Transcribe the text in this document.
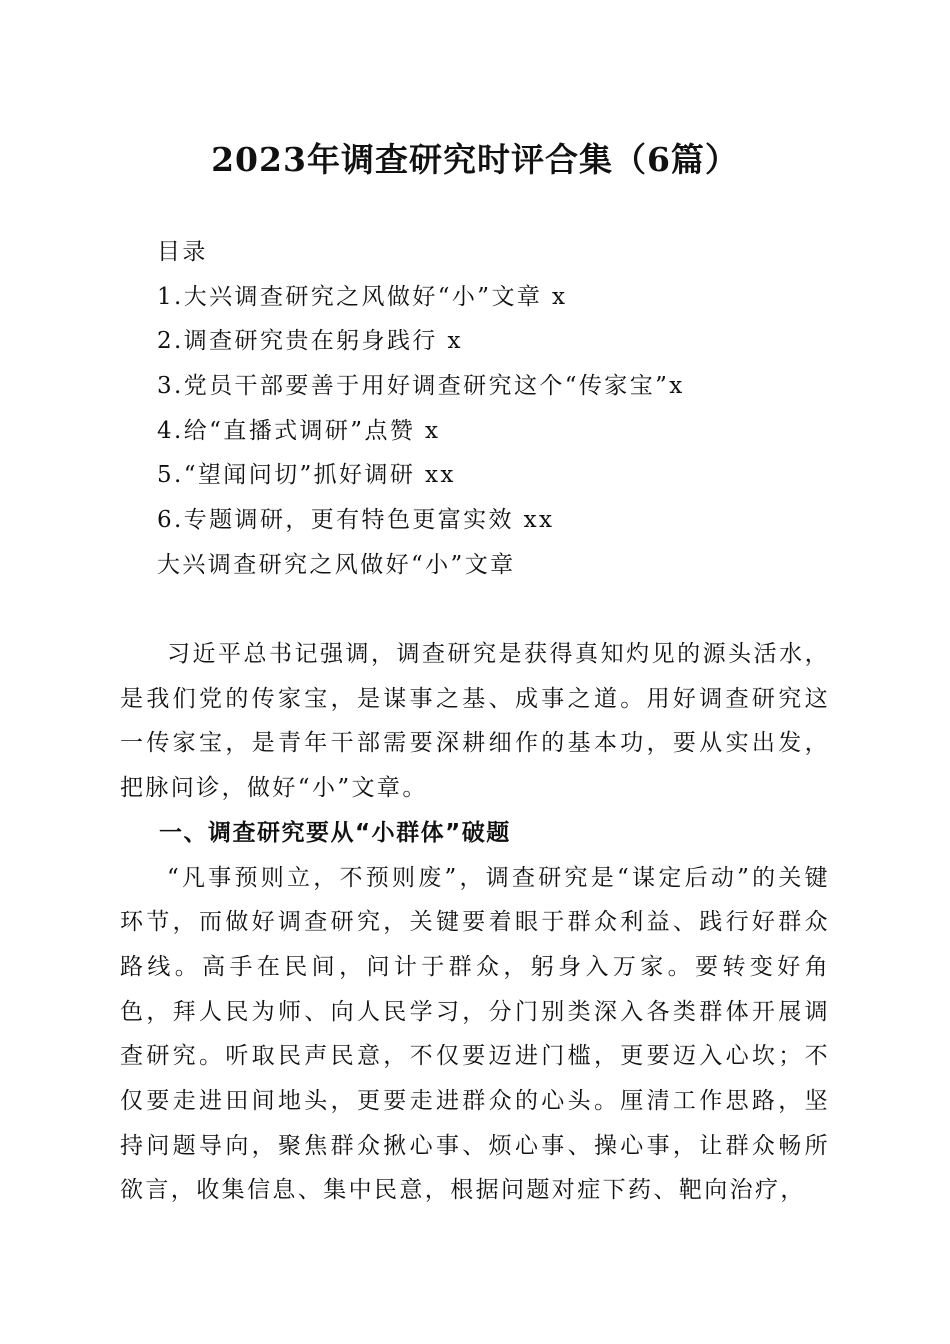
2023年调查研究时评合集（6篇）
目录
1.大兴调查研究之风做好“小”文章 x
2.调查研究贵在躬身践行 x
3.党员干部要善于用好调查研究这个“传家宝”x
4.给“直播式调研”点赞 x
5.“望闻问切”抓好调研 xx
6.专题调研，更有特色更富实效 xx
大兴调查研究之风做好“小”文章

习近平总书记强调，调查研究是获得真知灼见的源头活水，是我们党的传家宝，是谋事之基、成事之道。用好调查研究这一传家宝，是青年干部需要深耕细作的基本功，要从实出发，把脉问诊，做好“小”文章。

一、调查研究要从“小群体”破题

“凡事预则立，不预则废”，调查研究是“谋定后动”的关键环节，而做好调查研究，关键要着眼于群众利益、践行好群众路线。高手在民间，问计于群众，躬身入万家。要转变好角色，拜人民为师、向人民学习，分门别类深入各类群体开展调查研究。听取民声民意，不仅要迈进门槛，更要迈入心坎；不仅要走进田间地头，更要走进群众的心头。厘清工作思路，坚持问题导向，聚焦群众揪心事、烦心事、操心事，让群众畅所欲言，收集信息、集中民意，根据问题对症下药、靶向治疗，
